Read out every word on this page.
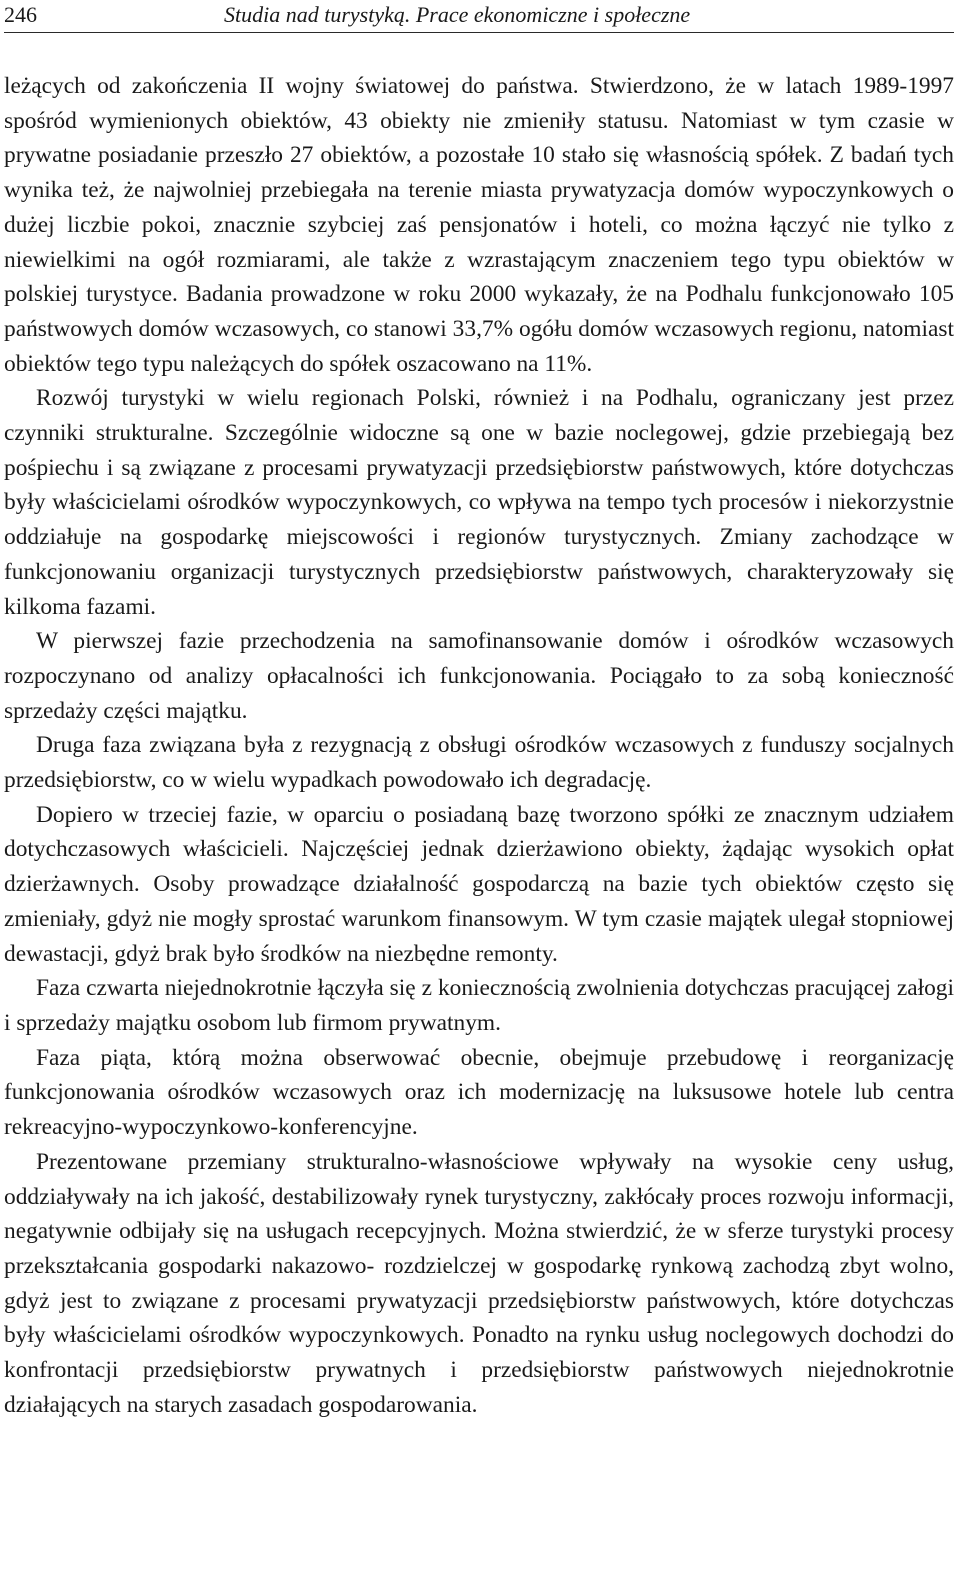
246	Studia nad turystyką. Prace ekonomiczne i społeczne

leżących od zakończenia II wojny światowej do państwa. Stwierdzono, że w latach 1989-1997 spośród wymienionych obiektów, 43 obiekty nie zmieniły statusu. Natomiast w tym czasie w prywatne posiadanie przeszło 27 obiektów, a pozostałe 10 stało się własnością spółek. Z badań tych wynika też, że najwolniej przebiegała na terenie miasta prywatyzacja domów wypoczynkowych o dużej liczbie pokoi, znacznie szybciej zaś pensjonatów i hoteli, co można łączyć nie tylko z niewielkimi na ogół rozmiarami, ale także z wzrastającym znaczeniem tego typu obiektów w polskiej turystyce. Badania prowadzone w roku 2000 wykazały, że na Podhalu funkcjonowało 105 państwowych domów wczasowych, co stanowi 33,7% ogółu domów wczasowych regionu, natomiast obiektów tego typu należących do spółek oszacowano na 11%.

Rozwój turystyki w wielu regionach Polski, również i na Podhalu, ograniczany jest przez czynniki strukturalne. Szczególnie widoczne są one w bazie noclegowej, gdzie przebiegają bez pośpiechu i są związane z procesami prywatyzacji przedsiębiorstw państwowych, które dotychczas były właścicielami ośrodków wypoczynkowych, co wpływa na tempo tych procesów i niekorzystnie oddziałuje na gospodarkę miejscowości i regionów turystycznych. Zmiany zachodzące w funkcjonowaniu organizacji turystycznych przedsiębiorstw państwowych, charakteryzowały się kilkoma fazami.

W pierwszej fazie przechodzenia na samofinansowanie domów i ośrodków wczasowych rozpoczynano od analizy opłacalności ich funkcjonowania. Pociągało to za sobą konieczność sprzedaży części majątku.

Druga faza związana była z rezygnacją z obsługi ośrodków wczasowych z funduszy socjalnych przedsiębiorstw, co w wielu wypadkach powodowało ich degradację.

Dopiero w trzeciej fazie, w oparciu o posiadaną bazę tworzono spółki ze znacznym udziałem dotychczasowych właścicieli. Najczęściej jednak dzierżawiono obiekty, żądając wysokich opłat dzierżawnych. Osoby prowadzące działalność gospodarczą na bazie tych obiektów często się zmieniały, gdyż nie mogły sprostać warunkom finansowym. W tym czasie majątek ulegał stopniowej dewastacji, gdyż brak było środków na niezbędne remonty.

Faza czwarta niejednokrotnie łączyła się z koniecznością zwolnienia dotychczas pracującej załogi i sprzedaży majątku osobom lub firmom prywatnym.

Faza piąta, którą można obserwować obecnie, obejmuje przebudowę i reorganizację funkcjonowania ośrodków wczasowych oraz ich modernizację na luksusowe hotele lub centra rekreacyjno-wypoczynkowo-konferencyjne.

Prezentowane przemiany strukturalno-własnościowe wpływały na wysokie ceny usług, oddziaływały na ich jakość, destabilizowały rynek turystyczny, zakłócały proces rozwoju informacji, negatywnie odbijały się na usługach recepcyjnych. Można stwierdzić, że w sferze turystyki procesy przekształcania gospodarki nakazowo- rozdzielczej w gospodarkę rynkową zachodzą zbyt wolno, gdyż jest to związane z procesami prywatyzacji przedsiębiorstw państwowych, które dotychczas były właścicielami ośrodków wypoczynkowych. Ponadto na rynku usług noclegowych dochodzi do konfrontacji przedsiębiorstw prywatnych i przedsiębiorstw państwowych niejednokrotnie działających na starych zasadach gospodarowania.
